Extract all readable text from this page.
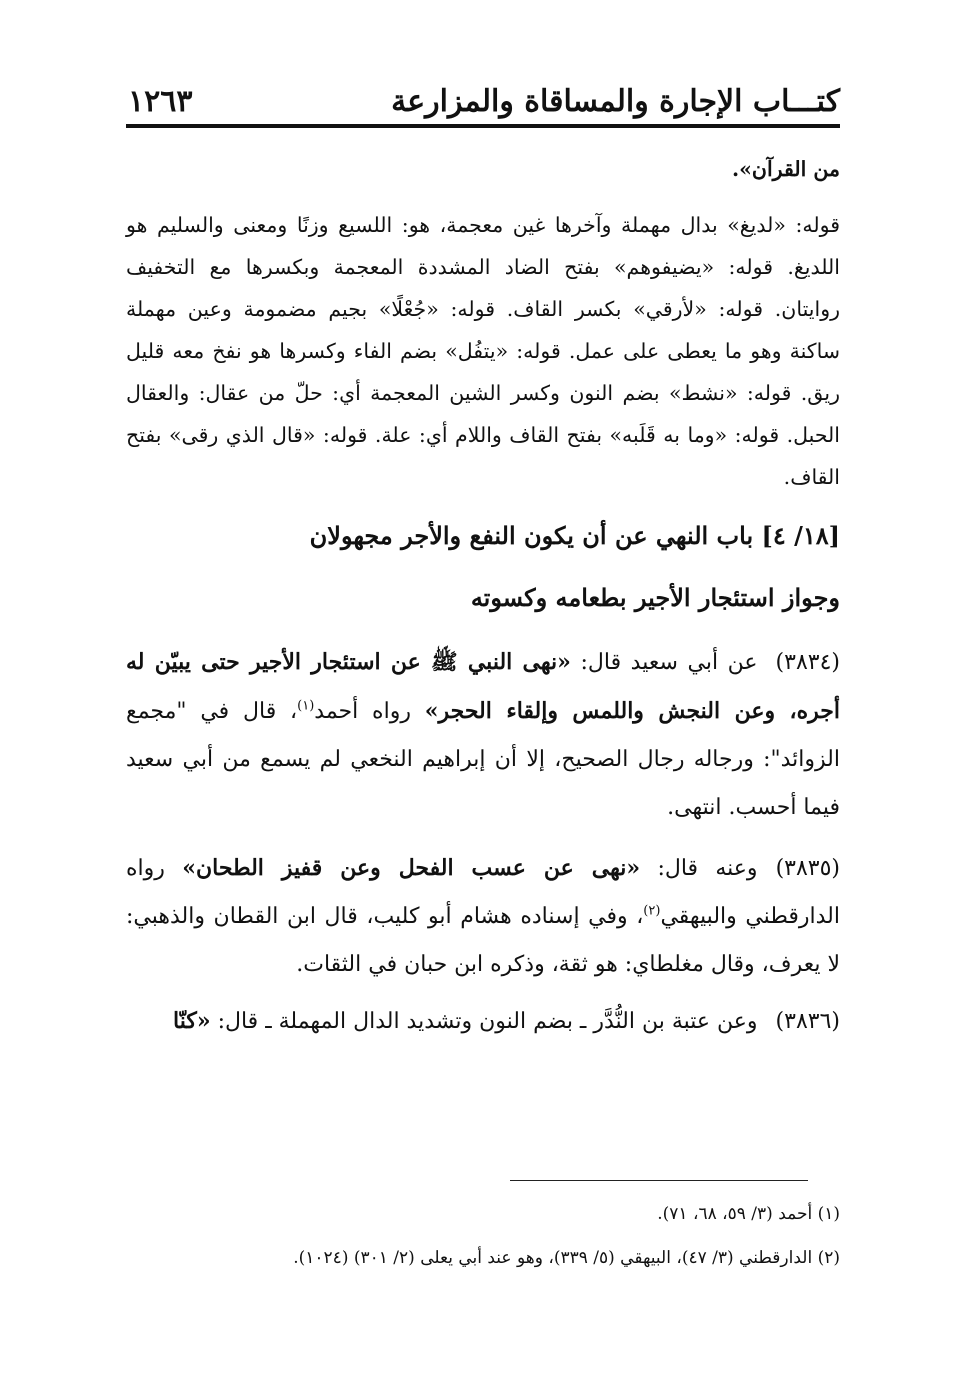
كتـــاب الإجارة والمساقاة والمزارعة
١٢٦٣

من القرآن».

قوله: «لديغ» بدال مهملة وآخرها غين معجمة، هو: اللسيع وزنًا ومعنى والسليم هو اللديغ. قوله: «يضيفوهم» بفتح الضاد المشددة المعجمة وبكسرها مع التخفيف روايتان. قوله: «لأرقي» بكسر القاف. قوله: «جُعْلًا» بجيم مضمومة وعين مهملة ساكنة وهو ما يعطى على عمل. قوله: «يتفُل» بضم الفاء وكسرها هو نفخ معه قليل ريق. قوله: «نشط» بضم النون وكسر الشين المعجمة أي: حلّ من عقال: والعقال الحبل. قوله: «وما به قَلَبه» بفتح القاف واللام أي: علة. قوله: «قال الذي رقى» بفتح القاف.

[١٨/ ٤] باب النهي عن أن يكون النفع والأجر مجهولان
وجواز استئجار الأجير بطعامه وكسوته

(٣٨٣٤)عن أبي سعيد قال: «نهى النبي ﷺ عن استئجار الأجير حتى يبيّن له أجره، وعن النجش واللمس وإلقاء الحجر» رواه أحمد$^{(١)}$، قال في "مجمع الزوائد": ورجاله رجال الصحيح، إلا أن إبراهيم النخعي لم يسمع من أبي سعيد فيما أحسب. انتهى.

(٣٨٣٥)وعنه قال: «نهى عن عسب الفحل وعن قفيز الطحان» رواه الدارقطني والبيهقي$^{(٢)}$، وفي إسناده هشام أبو كليب، قال ابن القطان والذهبي: لا يعرف، وقال مغلطاي: هو ثقة، وذكره ابن حبان في الثقات.

(٣٨٣٦)وعن عتبة بن النُّدَّر ـ بضم النون وتشديد الدال المهملة ـ قال: «كنّا

(١) أحمد (٣/ ٥٩، ٦٨، ٧١).

(٢) الدارقطني (٣/ ٤٧)، البيهقي (٥/ ٣٣٩)، وهو عند أبي يعلى (٢/ ٣٠١) (١٠٢٤).
